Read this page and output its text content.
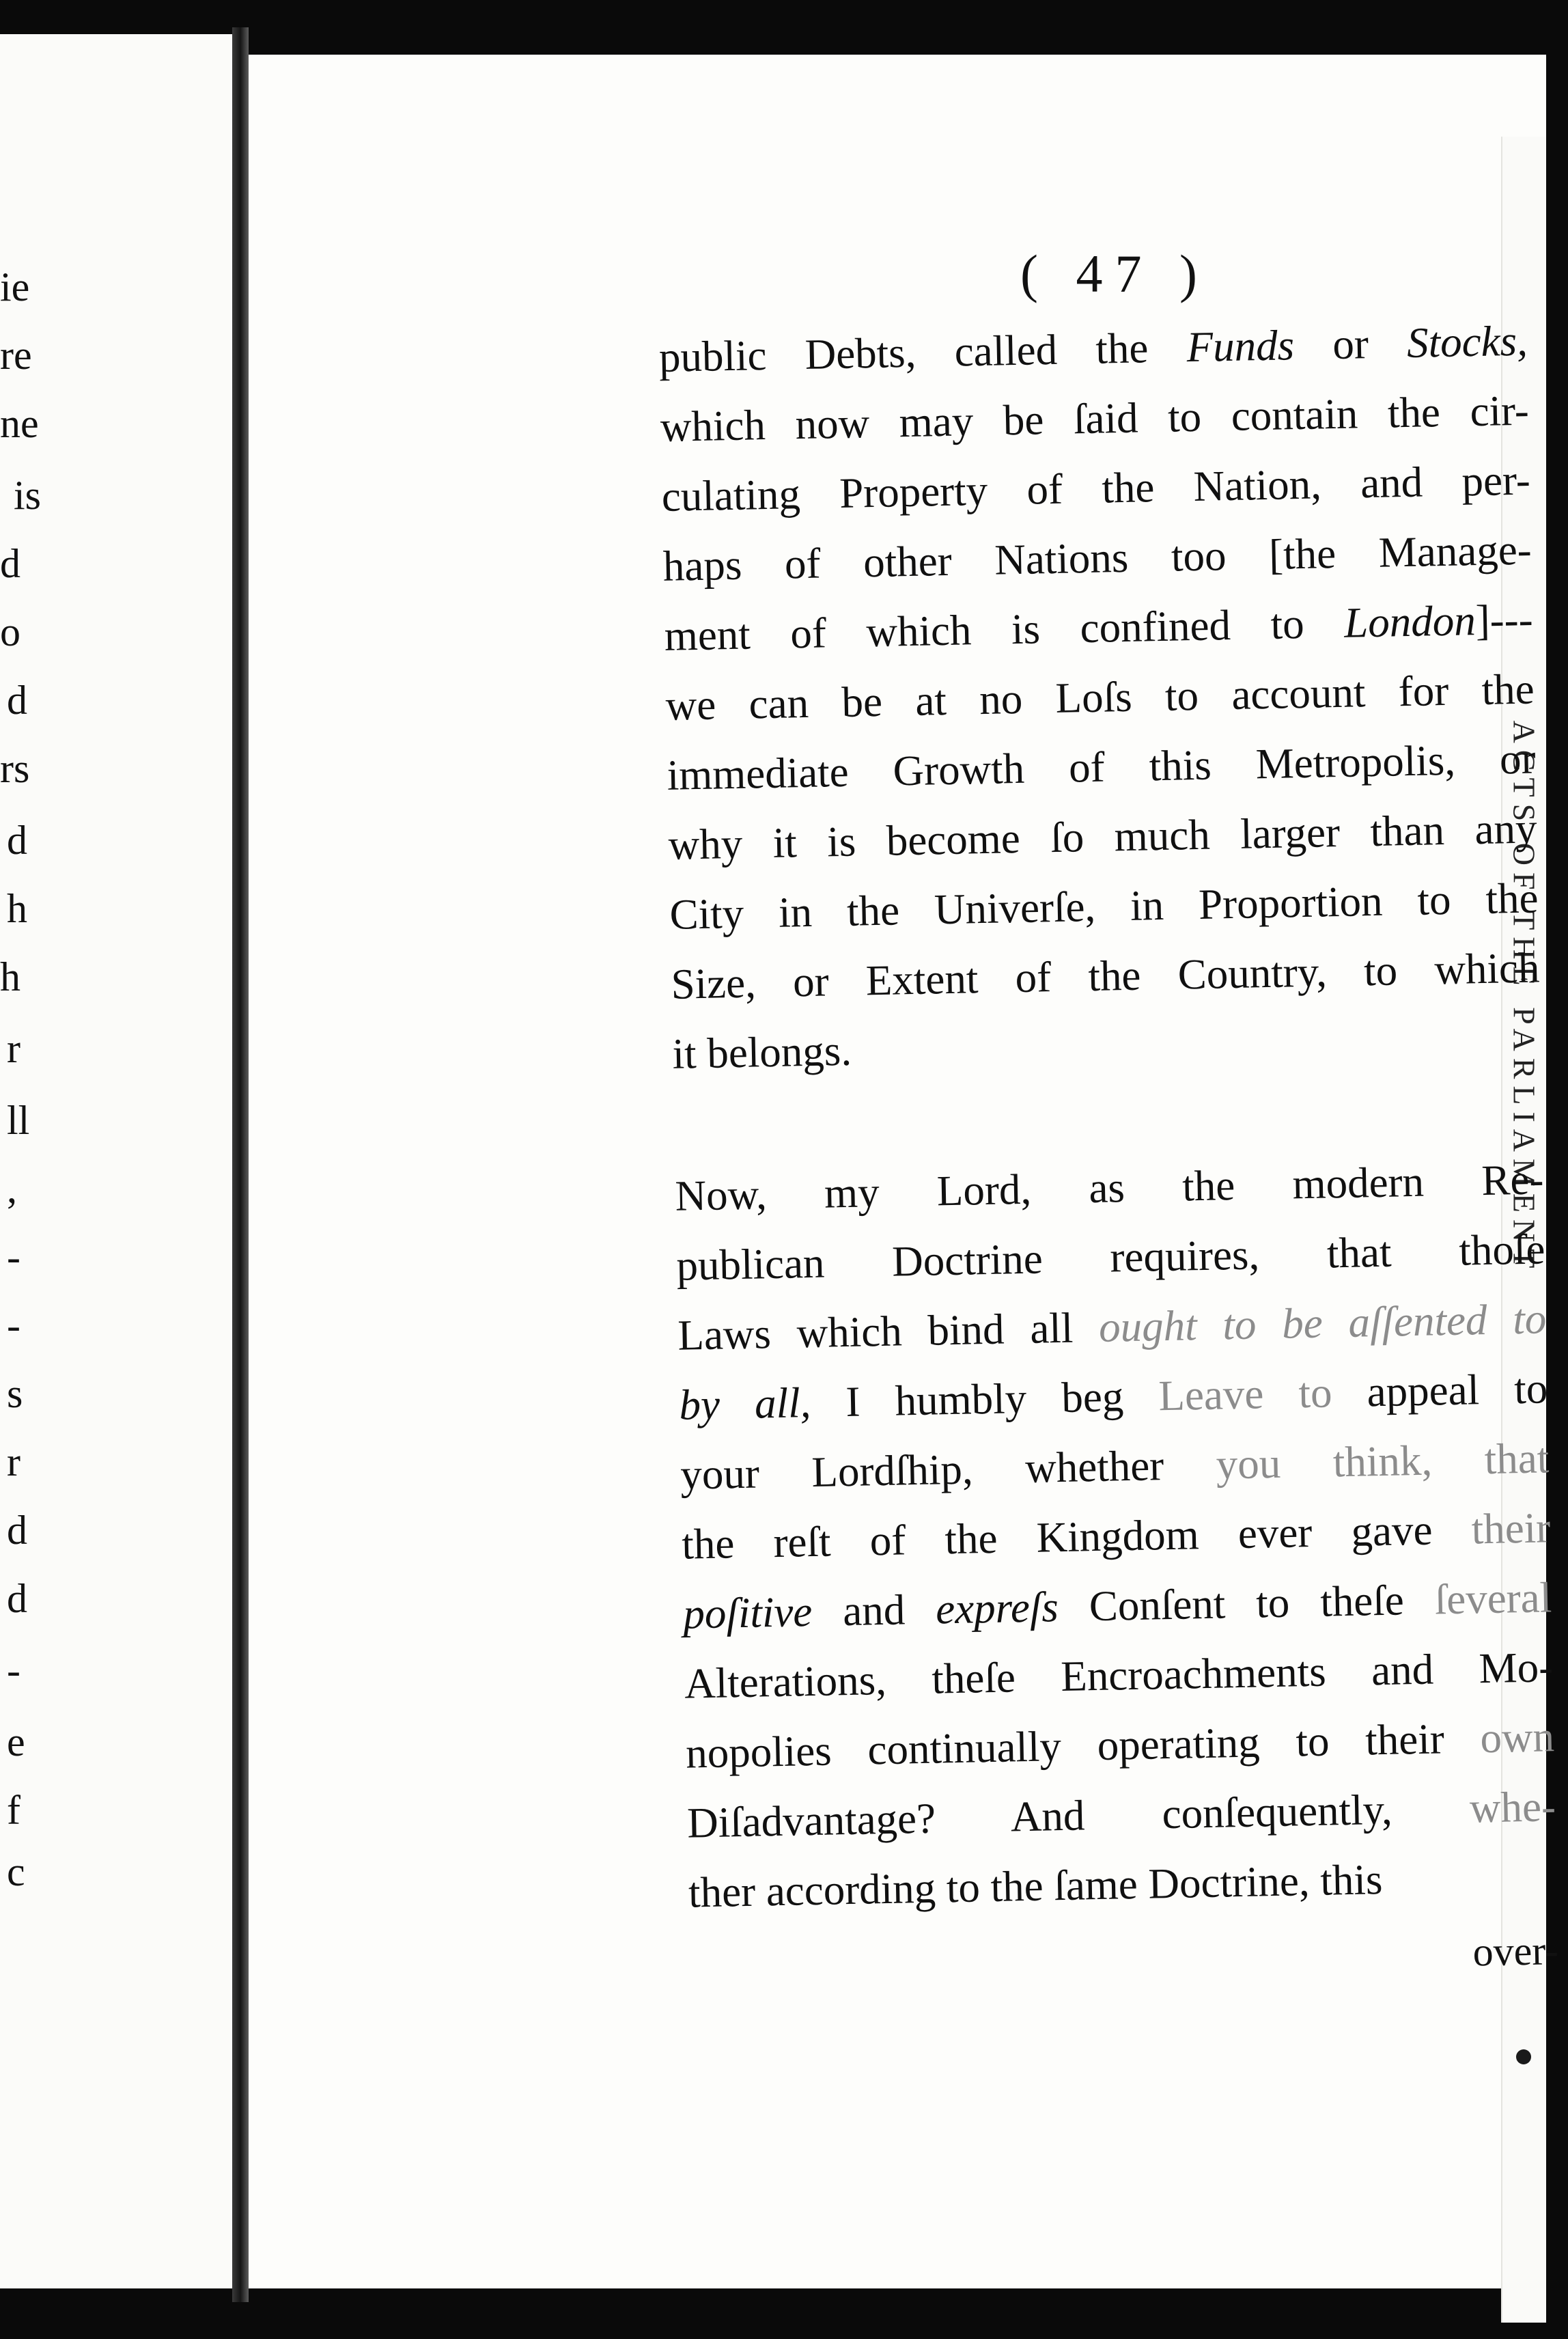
ie
re
ne
is
d
o
d
rs
d
h
h
r
ll
,
-
-
s
r
d
d
-
e
f
c
ACTS OF THE PARLIAMENT
( 47 )
public Debts, called the Funds or Stocks,
which now may be ſaid to contain the cir-
culating Property of the Nation, and per-
haps of other Nations too [the Manage-
ment of which is confined to London]---
we can be at no Loſs to account for the
immediate Growth of this Metropolis, or
why it is become ſo much larger than any
City in the Univerſe, in Proportion to the
Size, or Extent of the Country, to which
it belongs.
Now, my Lord, as the modern Re-
publican Doctrine requires, that thoſe
Laws which bind all ought to be aſſented to
by all, I humbly beg Leave to appeal to
your Lordſhip, whether you think, that
the reſt of the Kingdom ever gave their
poſitive and expreſs Conſent to theſe ſeveral
Alterations, theſe Encroachments and Mo-
nopolies continually operating to their own
Diſadvantage? And conſequently, whe-
ther according to the ſame Doctrine, this
over-
